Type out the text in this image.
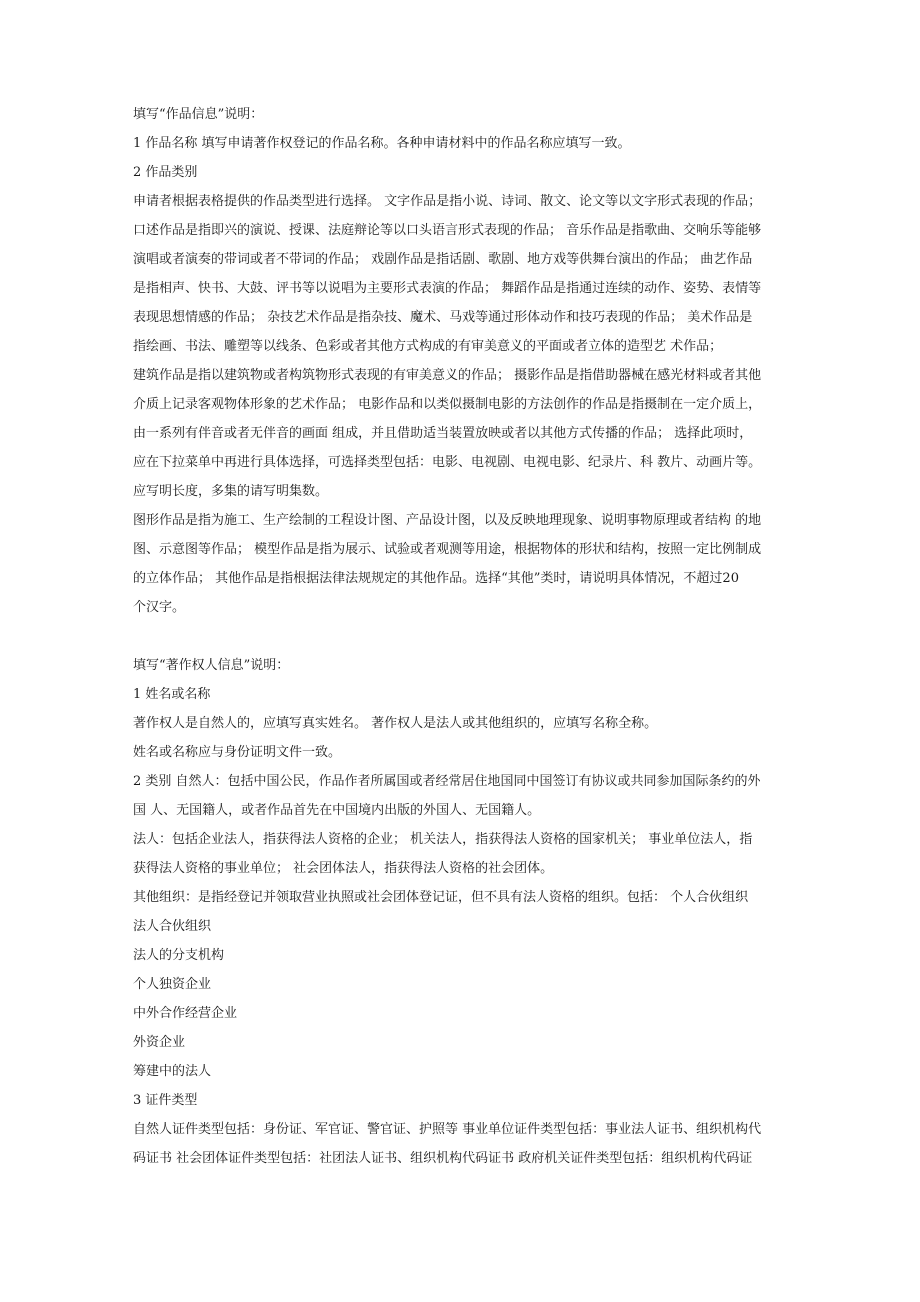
填写“作品信息”说明：
1 作品名称 填写申请著作权登记的作品名称。各种申请材料中的作品名称应填写一致。
2 作品类别
申请者根据表格提供的作品类型进行选择。 文字作品是指小说、诗词、散文、论文等以文字形式表现的作品；
口述作品是指即兴的演说、授课、法庭辩论等以口头语言形式表现的作品； 音乐作品是指歌曲、交响乐等能够
演唱或者演奏的带词或者不带词的作品； 戏剧作品是指话剧、歌剧、地方戏等供舞台演出的作品； 曲艺作品
是指相声、快书、大鼓、评书等以说唱为主要形式表演的作品； 舞蹈作品是指通过连续的动作、姿势、表情等
表现思想情感的作品； 杂技艺术作品是指杂技、魔术、马戏等通过形体动作和技巧表现的作品； 美术作品是
指绘画、书法、雕塑等以线条、色彩或者其他方式构成的有审美意义的平面或者立体的造型艺 术作品；
建筑作品是指以建筑物或者构筑物形式表现的有审美意义的作品； 摄影作品是指借助器械在感光材料或者其他
介质上记录客观物体形象的艺术作品； 电影作品和以类似摄制电影的方法创作的作品是指摄制在一定介质上，
由一系列有伴音或者无伴音的画面 组成，并且借助适当装置放映或者以其他方式传播的作品； 选择此项时，
应在下拉菜单中再进行具体选择，可选择类型包括：电影、电视剧、电视电影、纪录片、科 教片、动画片等。
应写明长度，多集的请写明集数。
图形作品是指为施工、生产绘制的工程设计图、产品设计图，以及反映地理现象、说明事物原理或者结构 的地
图、示意图等作品； 模型作品是指为展示、试验或者观测等用途，根据物体的形状和结构，按照一定比例制成
的立体作品； 其他作品是指根据法律法规规定的其他作品。选择“其他”类时，请说明具体情况，不超过20
个汉字。
填写“著作权人信息”说明：
1 姓名或名称
著作权人是自然人的，应填写真实姓名。 著作权人是法人或其他组织的，应填写名称全称。
姓名或名称应与身份证明文件一致。
2 类别 自然人：包括中国公民，作品作者所属国或者经常居住地国同中国签订有协议或共同参加国际条约的外
国 人、无国籍人，或者作品首先在中国境内出版的外国人、无国籍人。
法人：包括企业法人，指获得法人资格的企业； 机关法人，指获得法人资格的国家机关； 事业单位法人，指
获得法人资格的事业单位； 社会团体法人，指获得法人资格的社会团体。
其他组织：是指经登记并领取营业执照或社会团体登记证，但不具有法人资格的组织。包括： 个人合伙组织
法人合伙组织
法人的分支机构
个人独资企业
中外合作经营企业
外资企业
筹建中的法人
3 证件类型
自然人证件类型包括：身份证、军官证、警官证、护照等 事业单位证件类型包括：事业法人证书、组织机构代
码证书 社会团体证件类型包括：社团法人证书、组织机构代码证书 政府机关证件类型包括：组织机构代码证
